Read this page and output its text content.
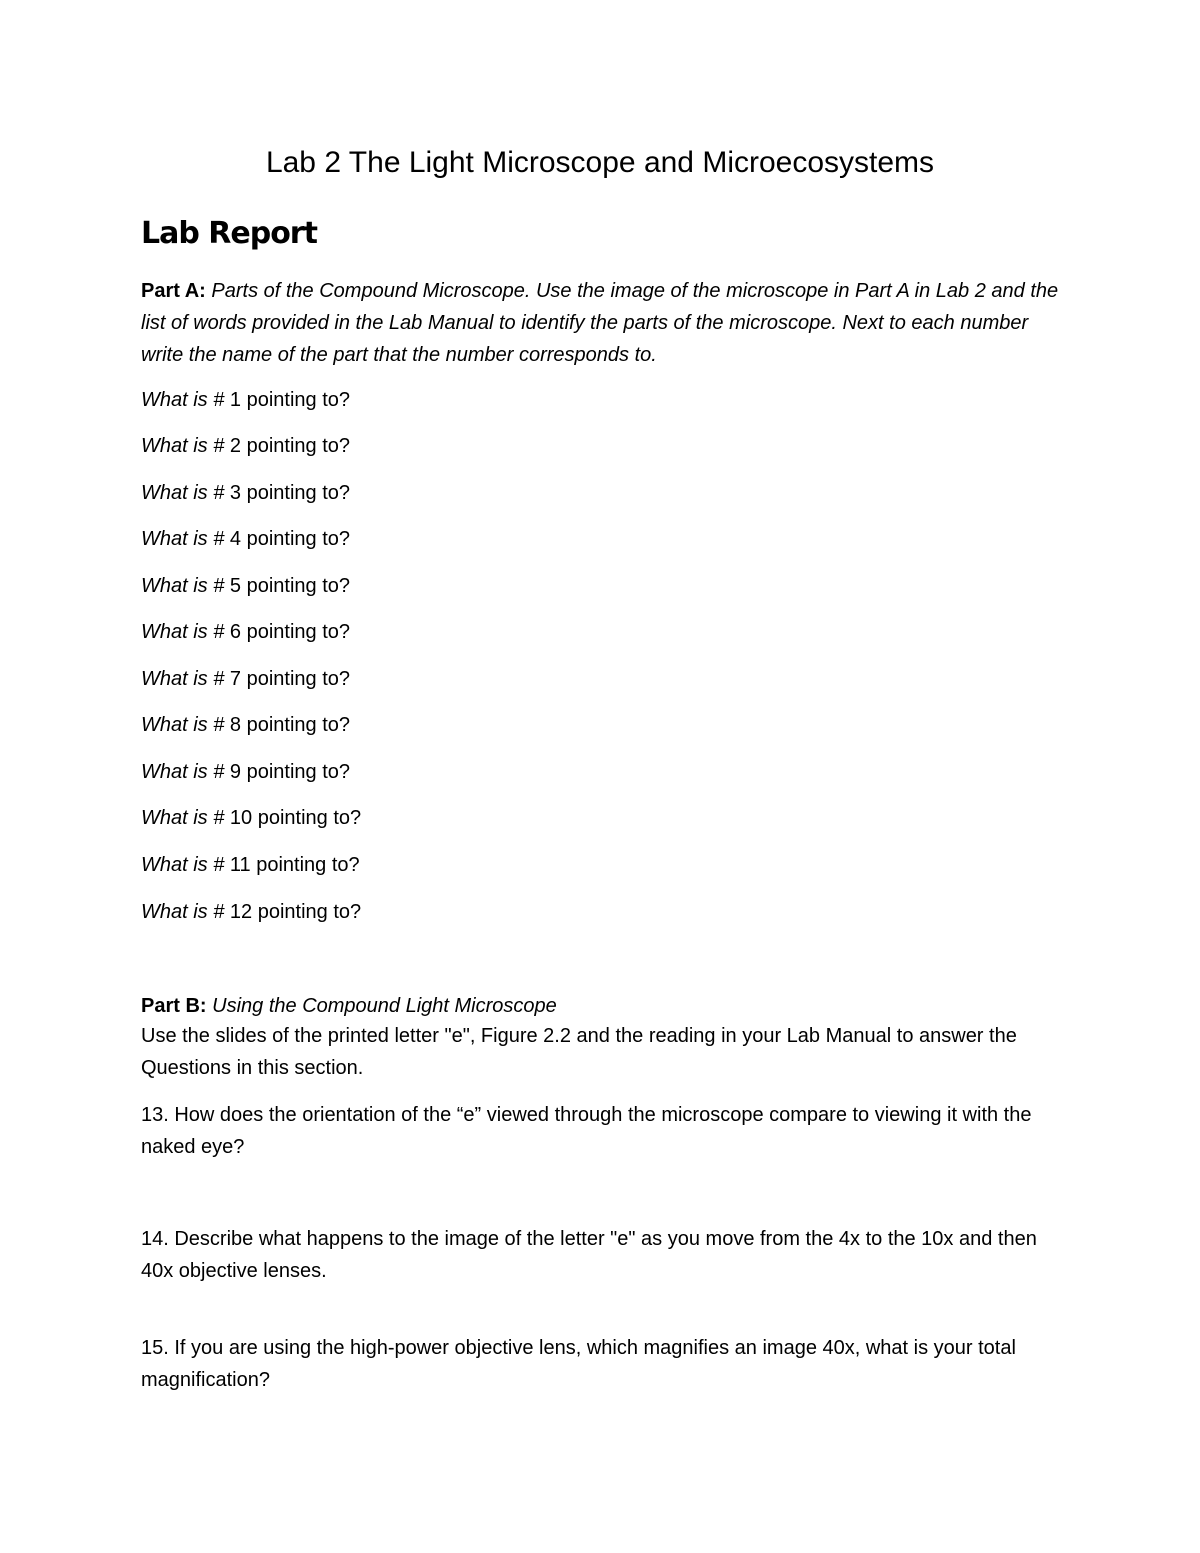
Lab 2 The Light Microscope and Microecosystems
Lab Report

Part A: Parts of the Compound Microscope. Use the image of the microscope in Part A in Lab 2 and the list of words provided in the Lab Manual to identify the parts of the microscope. Next to each number write the name of the part that the number corresponds to.

What is # 1 pointing to?

What is # 2 pointing to?

What is # 3 pointing to?

What is # 4 pointing to?

What is # 5 pointing to?

What is # 6 pointing to?

What is # 7 pointing to?

What is # 8 pointing to?

What is # 9 pointing to?

What is # 10 pointing to?

What is # 11 pointing to?

What is # 12 pointing to?

Part B: Using the Compound Light Microscope

Use the slides of the printed letter "e", Figure 2.2 and the reading in your Lab Manual to answer the Questions in this section.

13. How does the orientation of the “e” viewed through the microscope compare to viewing it with the naked eye?

14. Describe what happens to the image of the letter "e" as you move from the 4x to the 10x and then 40x objective lenses.

15. If you are using the high-power objective lens, which magnifies an image 40x, what is your total magnification?
